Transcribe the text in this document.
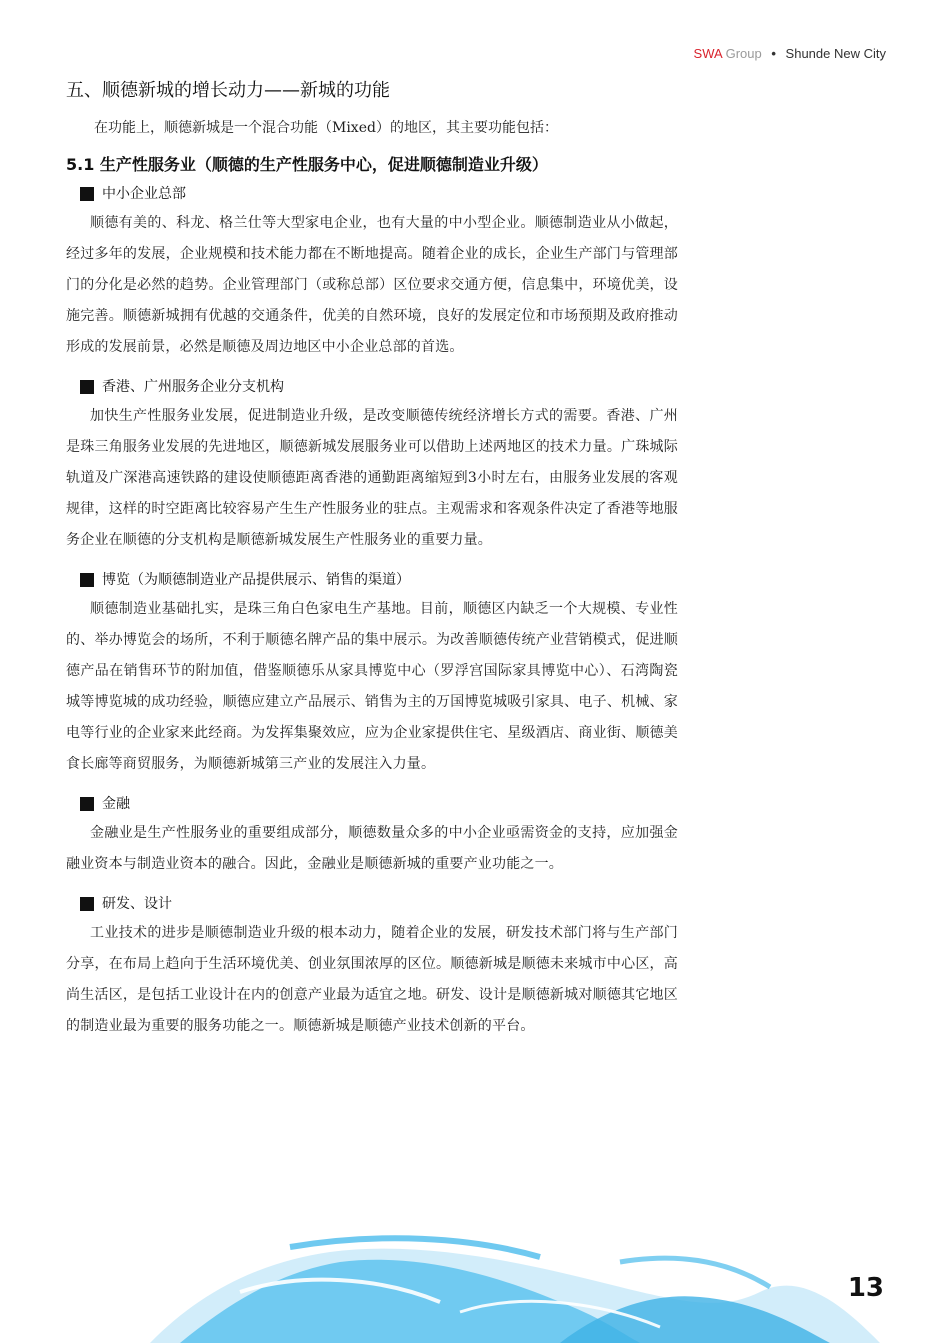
SWA Group • Shunde New City
五、顺德新城的增长动力——新城的功能

在功能上，顺德新城是一个混合功能（Mixed）的地区，其主要功能包括：

5.1 生产性服务业（顺德的生产性服务中心，促进顺德制造业升级）
中小企业总部

顺德有美的、科龙、格兰仕等大型家电企业，也有大量的中小型企业。顺德制造业从小做起，经过多年的发展，企业规模和技术能力都在不断地提高。随着企业的成长，企业生产部门与管理部门的分化是必然的趋势。企业管理部门（或称总部）区位要求交通方便，信息集中，环境优美，设施完善。顺德新城拥有优越的交通条件，优美的自然环境，良好的发展定位和市场预期及政府推动形成的发展前景，必然是顺德及周边地区中小企业总部的首选。

香港、广州服务企业分支机构

加快生产性服务业发展，促进制造业升级，是改变顺德传统经济增长方式的需要。香港、广州是珠三角服务业发展的先进地区，顺德新城发展服务业可以借助上述两地区的技术力量。广珠城际轨道及广深港高速铁路的建设使顺德距离香港的通勤距离缩短到3小时左右，由服务业发展的客观规律，这样的时空距离比较容易产生生产性服务业的驻点。主观需求和客观条件决定了香港等地服务企业在顺德的分支机构是顺德新城发展生产性服务业的重要力量。

博览（为顺德制造业产品提供展示、销售的渠道）

顺德制造业基础扎实，是珠三角白色家电生产基地。目前，顺德区内缺乏一个大规模、专业性的、举办博览会的场所，不利于顺德名牌产品的集中展示。为改善顺德传统产业营销模式，促进顺德产品在销售环节的附加值，借鉴顺德乐从家具博览中心（罗浮宫国际家具博览中心）、石湾陶瓷城等博览城的成功经验，顺德应建立产品展示、销售为主的万国博览城吸引家具、电子、机械、家电等行业的企业家来此经商。为发挥集聚效应，应为企业家提供住宅、星级酒店、商业街、顺德美食长廊等商贸服务，为顺德新城第三产业的发展注入力量。

金融

金融业是生产性服务业的重要组成部分，顺德数量众多的中小企业亟需资金的支持，应加强金融业资本与制造业资本的融合。因此，金融业是顺德新城的重要产业功能之一。

研发、设计

工业技术的进步是顺德制造业升级的根本动力，随着企业的发展，研发技术部门将与生产部门分享，在布局上趋向于生活环境优美、创业氛围浓厚的区位。顺德新城是顺德未来城市中心区，高尚生活区，是包括工业设计在内的创意产业最为适宜之地。研发、设计是顺德新城对顺德其它地区的制造业最为重要的服务功能之一。顺德新城是顺德产业技术创新的平台。

13
